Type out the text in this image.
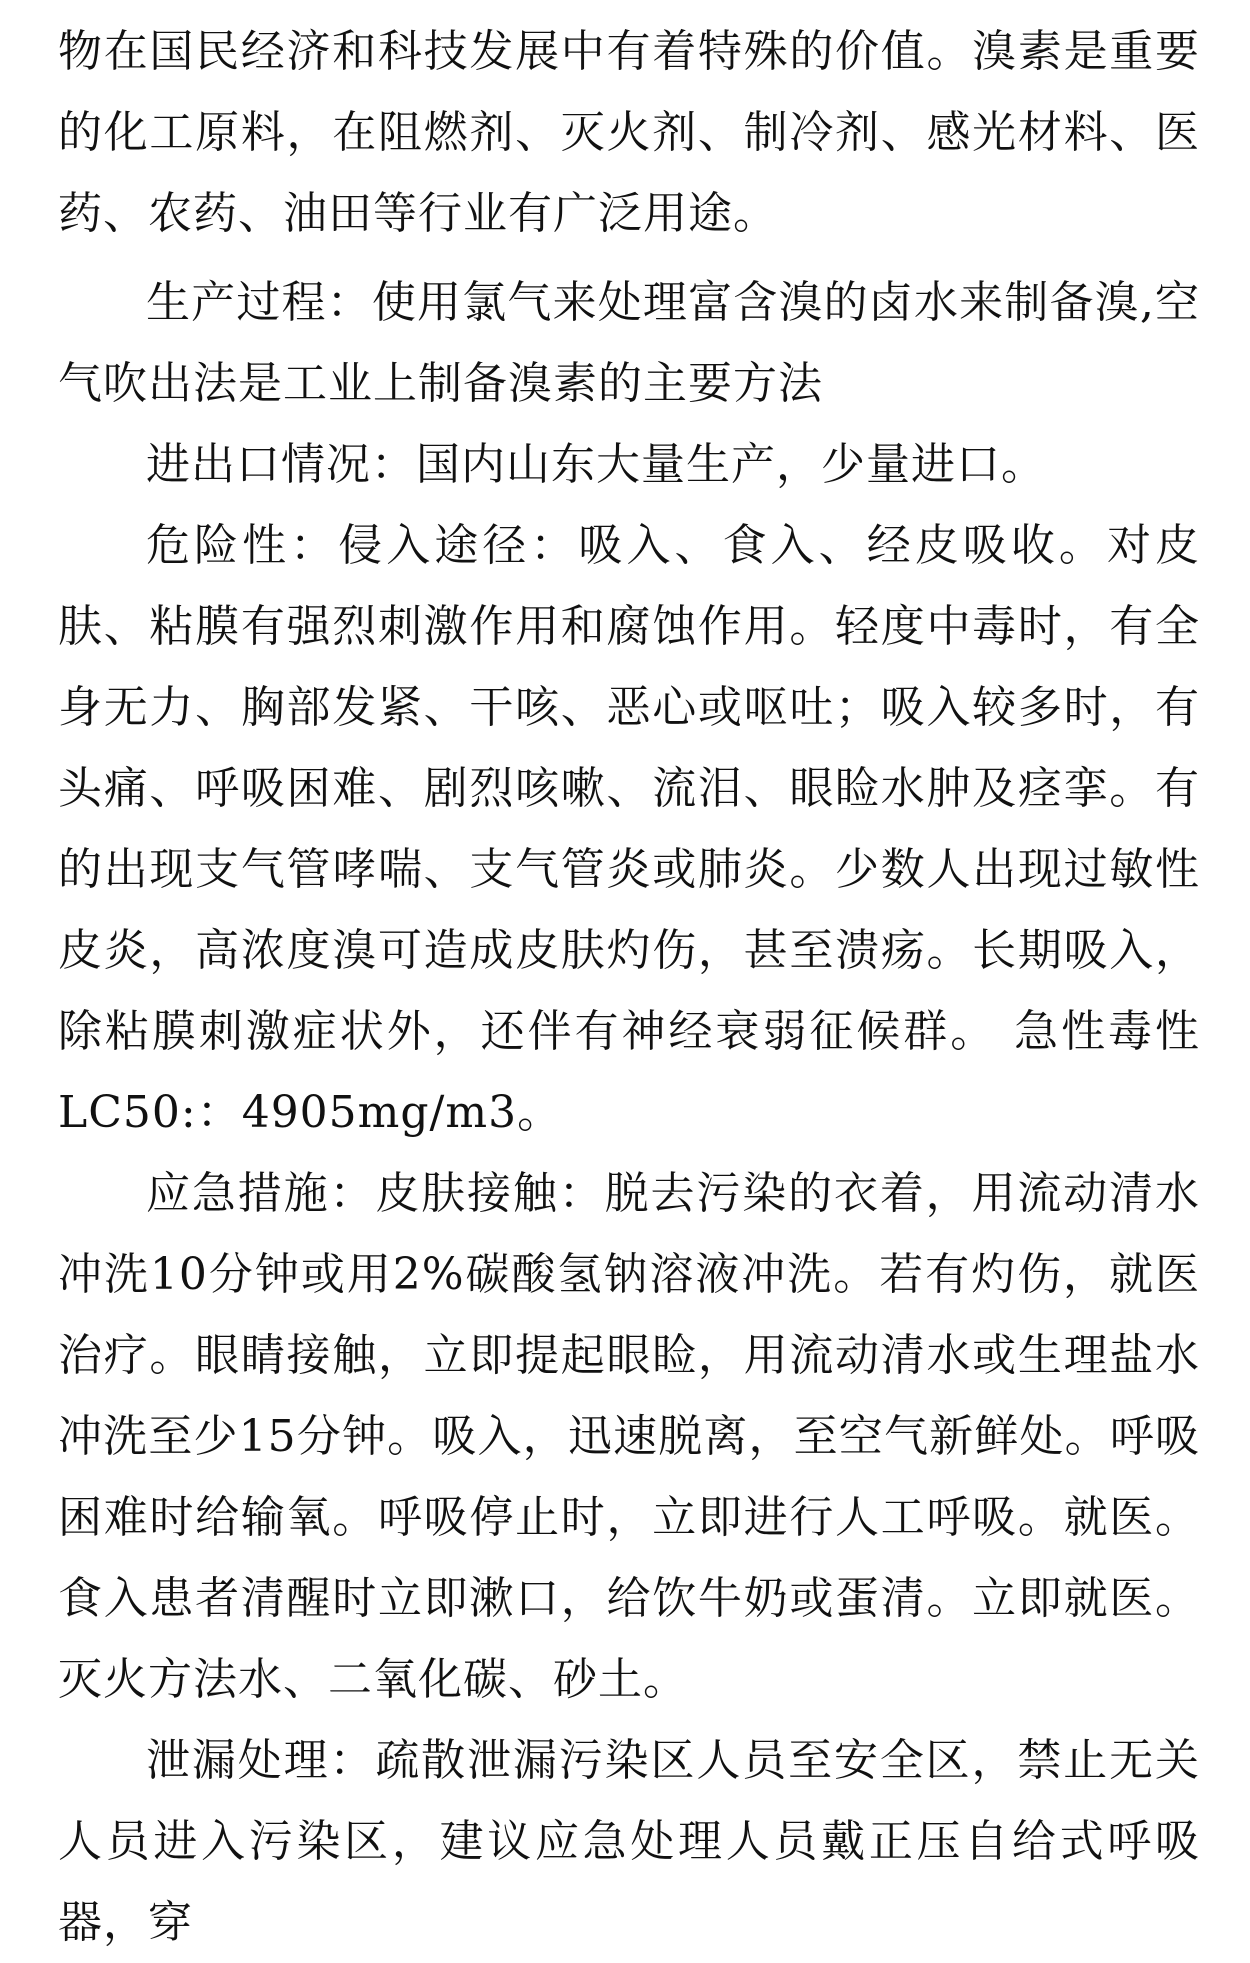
物在国民经济和科技发展中有着特殊的价值。溴素是重要的化工原料，在阻燃剂、灭火剂、制冷剂、感光材料、医药、农药、油田等行业有广泛用途。

生产过程：使用氯气来处理富含溴的卤水来制备溴,空气吹出法是工业上制备溴素的主要方法

进出口情况：国内山东大量生产，少量进口。

危险性：侵入途径：吸入、食入、经皮吸收。对皮肤、粘膜有强烈刺激作用和腐蚀作用。轻度中毒时，有全身无力、胸部发紧、干咳、恶心或呕吐；吸入较多时，有头痛、呼吸困难、剧烈咳嗽、流泪、眼睑水肿及痉挛。有的出现支气管哮喘、支气管炎或肺炎。少数人出现过敏性皮炎，高浓度溴可造成皮肤灼伤，甚至溃疡。长期吸入，除粘膜刺激症状外，还伴有神经衰弱征候群。 急性毒性LC50:：4905mg/m3。

应急措施：皮肤接触：脱去污染的衣着，用流动清水冲洗10分钟或用2%碳酸氢钠溶液冲洗。若有灼伤，就医治疗。眼睛接触，立即提起眼睑，用流动清水或生理盐水冲洗至少15分钟。吸入，迅速脱离，至空气新鲜处。呼吸困难时给输氧。呼吸停止时，立即进行人工呼吸。就医。食入患者清醒时立即漱口，给饮牛奶或蛋清。立即就医。灭火方法水、二氧化碳、砂土。

泄漏处理：疏散泄漏污染区人员至安全区，禁止无关人员进入污染区，建议应急处理人员戴正压自给式呼吸器，穿
